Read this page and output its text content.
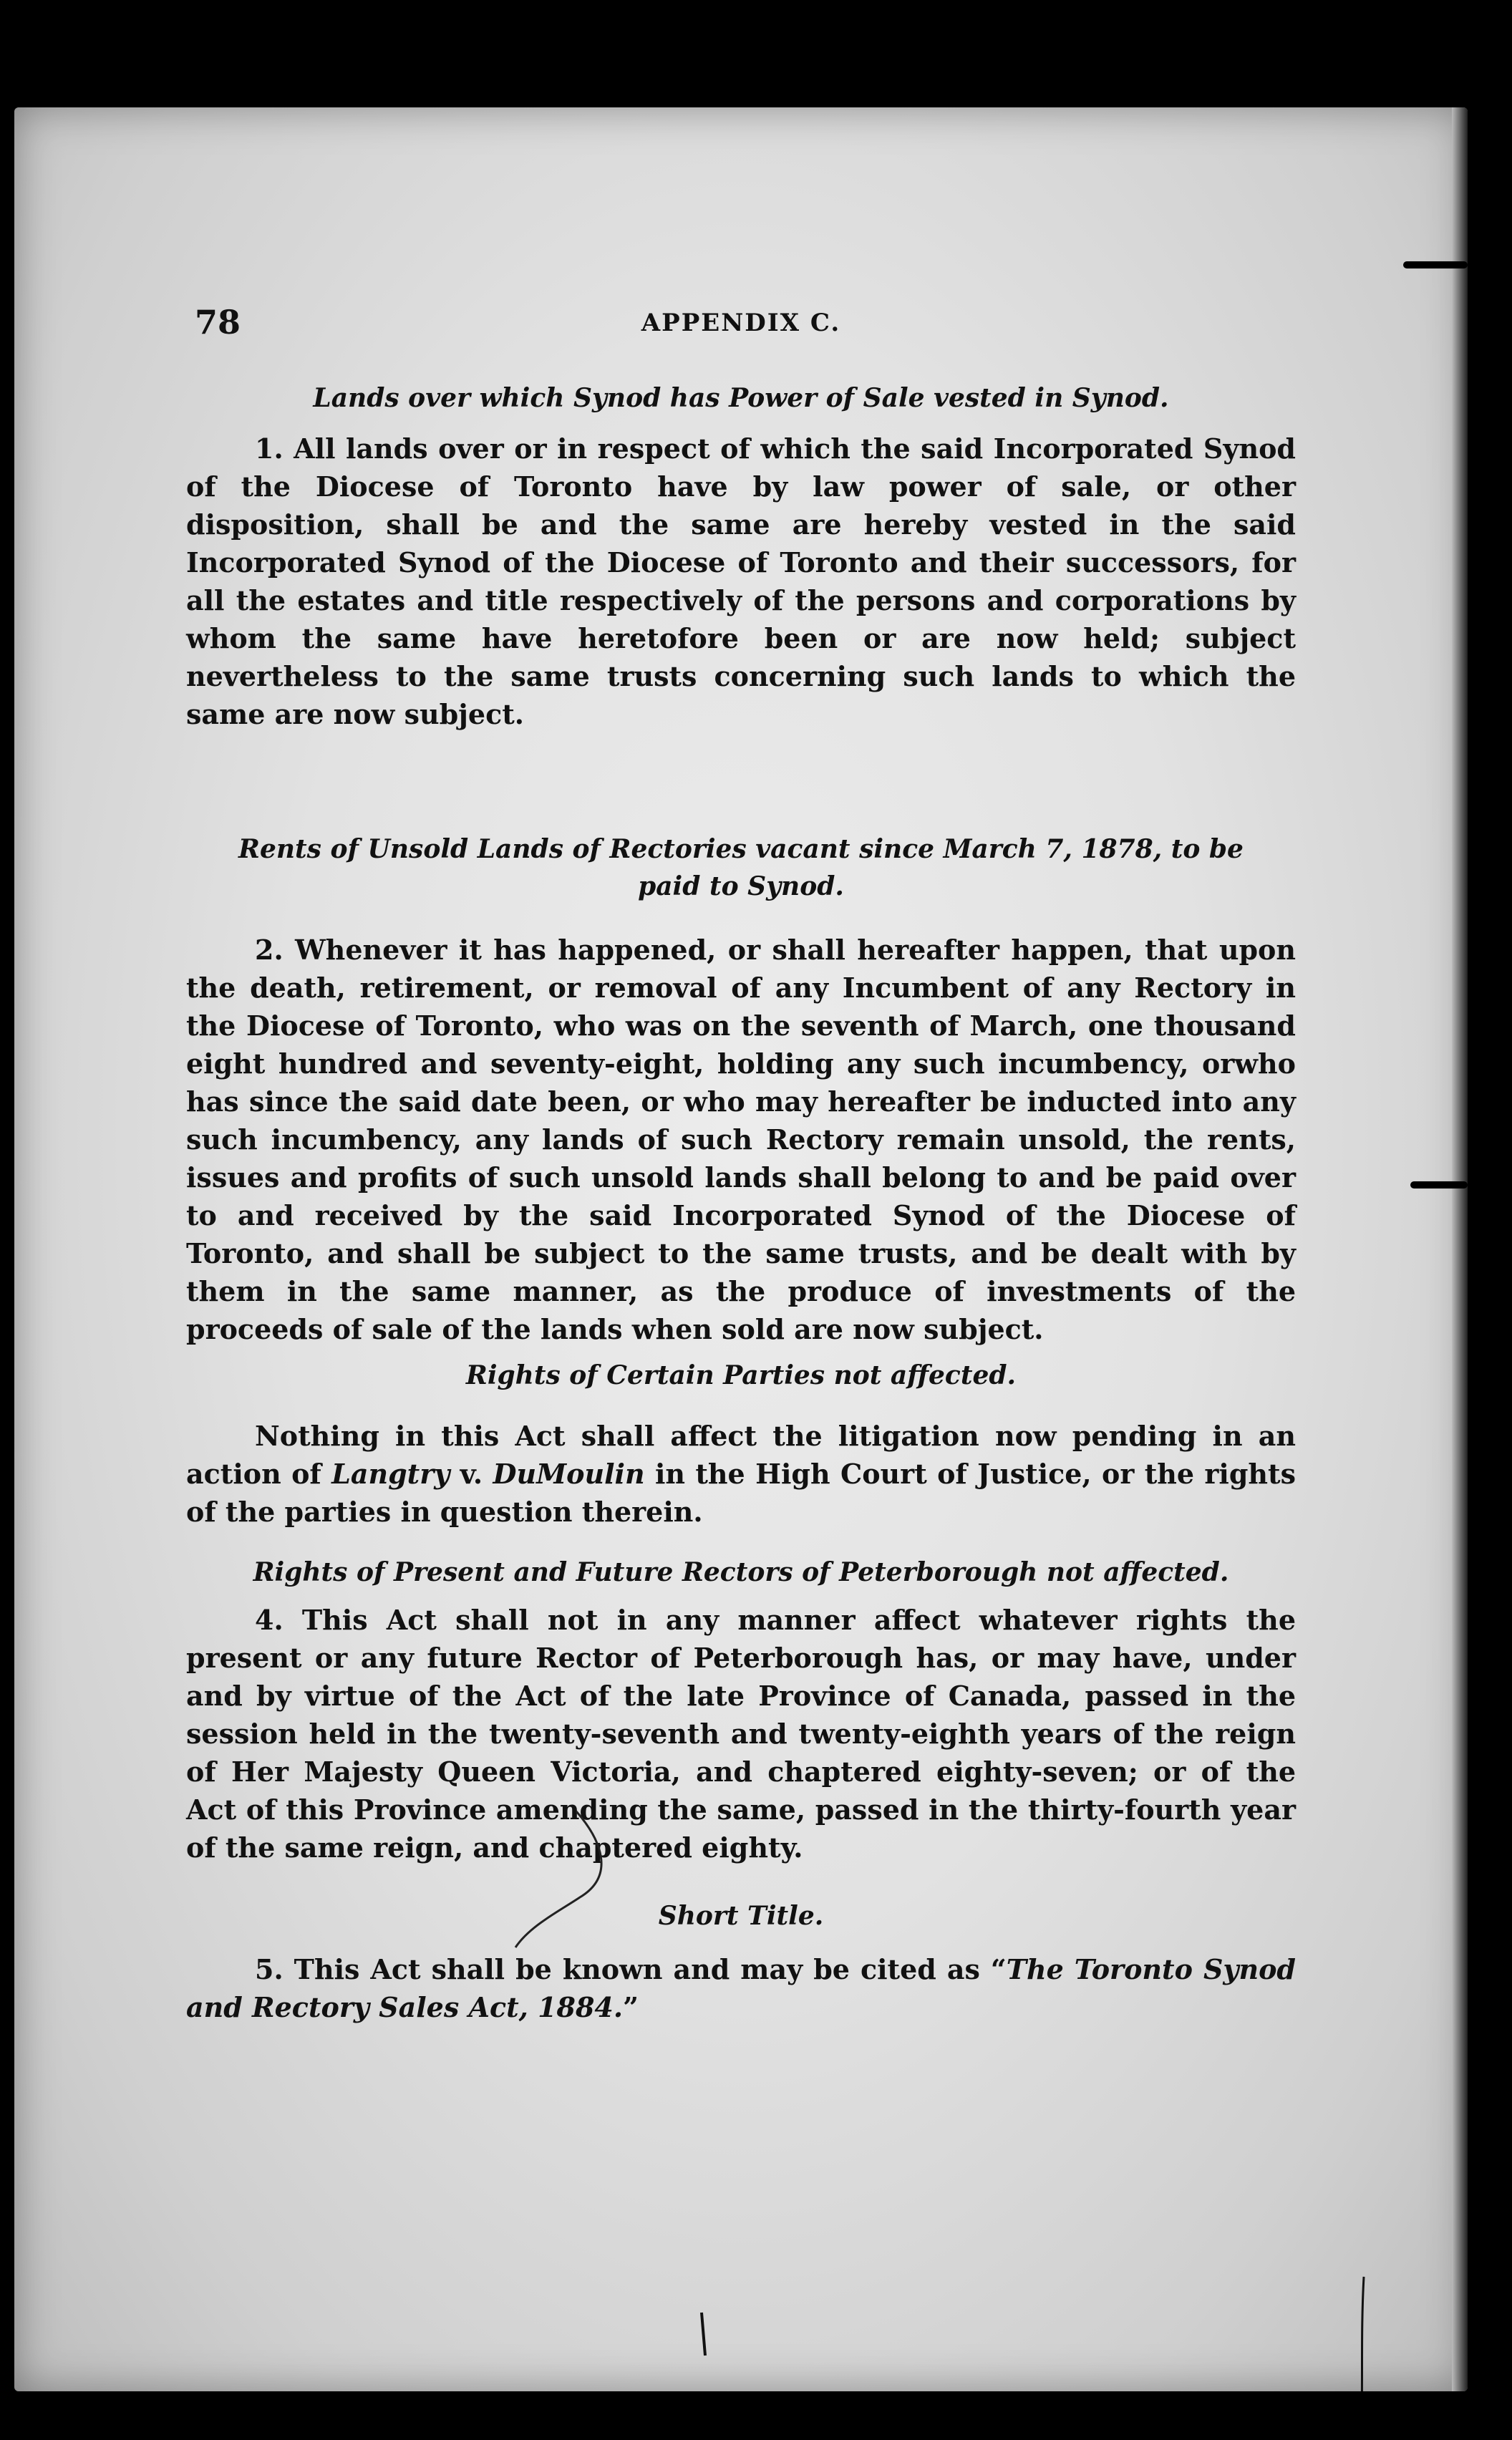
78	APPENDIX C.

Lands over which Synod has Power of Sale vested in Synod.

1. All lands over or in respect of which the said Incorporated Synod of the Diocese of Toronto have by law power of sale, or other disposition, shall be and the same are hereby vested in the said Incorporated Synod of the Diocese of Toronto and their successors, for all the estates and title respectively of the persons and corporations by whom the same have heretofore been or are now held; subject nevertheless to the same trusts concerning such lands to which the same are now subject.

Rents of Unsold Lands of Rectories vacant since March 7, 1878, to be paid to Synod.

2. Whenever it has happened, or shall hereafter happen, that upon the death, retirement, or removal of any Incumbent of any Rectory in the Diocese of Toronto, who was on the seventh of March, one thousand eight hundred and seventy-eight, holding any such incumbency, orwho has since the said date been, or who may hereafter be inducted into any such incumbency, any lands of such Rectory remain unsold, the rents, issues and profits of such unsold lands shall belong to and be paid over to and received by the said Incorporated Synod of the Diocese of Toronto, and shall be subject to the same trusts, and be dealt with by them in the same manner, as the produce of investments of the proceeds of sale of the lands when sold are now subject.

Rights of Certain Parties not affected.

Nothing in this Act shall affect the litigation now pending in an action of Langtry v. DuMoulin in the High Court of Justice, or the rights of the parties in question therein.

Rights of Present and Future Rectors of Peterborough not affected.

4. This Act shall not in any manner affect whatever rights the present or any future Rector of Peterborough has, or may have, under and by virtue of the Act of the late Province of Canada, passed in the session held in the twenty-seventh and twenty-eighth years of the reign of Her Majesty Queen Victoria, and chaptered eighty-seven; or of the Act of this Province amending the same, passed in the thirty-fourth year of the same reign, and chaptered eighty.

Short Title.

5. This Act shall be known and may be cited as “The Toronto Synod and Rectory Sales Act, 1884.”
